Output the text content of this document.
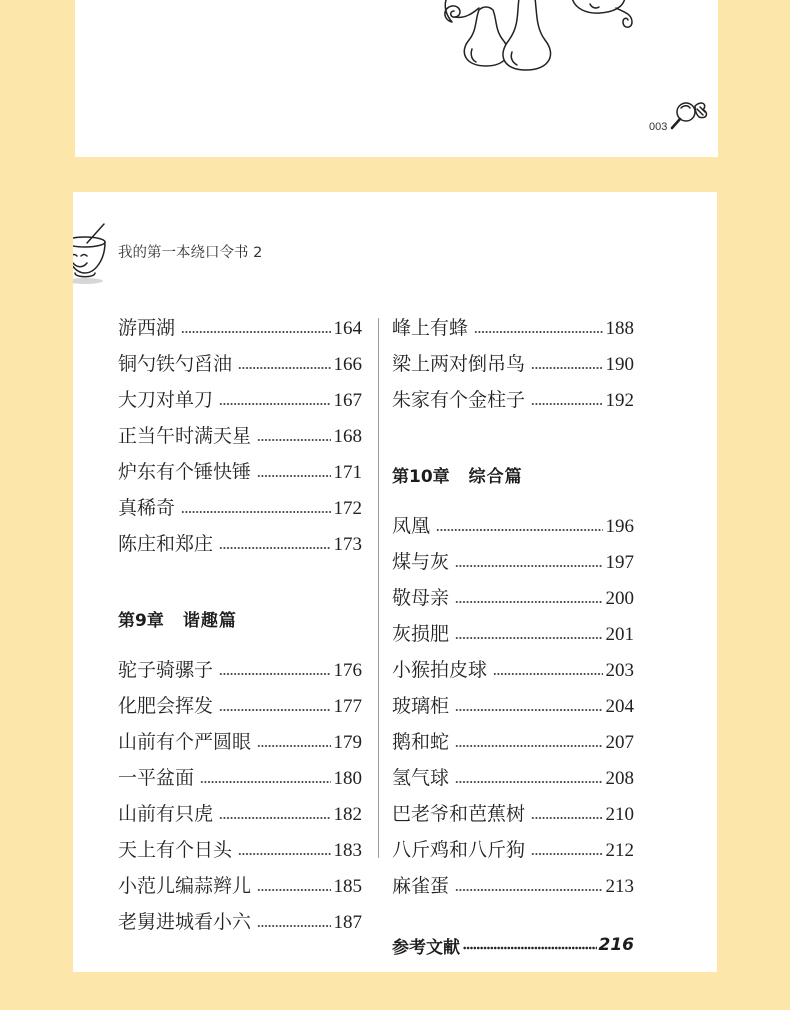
003
我的第一本绕口令书 2
游西湖	164
铜勺铁勺舀油	166
大刀对单刀	167
正当午时满天星	168
炉东有个锤快锤	171
真稀奇	172
陈庄和郑庄	173
第9章 谐趣篇
驼子骑骡子	176
化肥会挥发	177
山前有个严圆眼	179
一平盆面	180
山前有只虎	182
天上有个日头	183
小范儿编蒜辫儿	185
老舅进城看小六	187
峰上有蜂	188
梁上两对倒吊鸟	190
朱家有个金柱子	192
第10章 综合篇
凤凰	196
煤与灰	197
敬母亲	200
灰损肥	201
小猴拍皮球	203
玻璃柜	204
鹅和蛇	207
氢气球	208
巴老爷和芭蕉树	210
八斤鸡和八斤狗	212
麻雀蛋	213
参考文献	216
